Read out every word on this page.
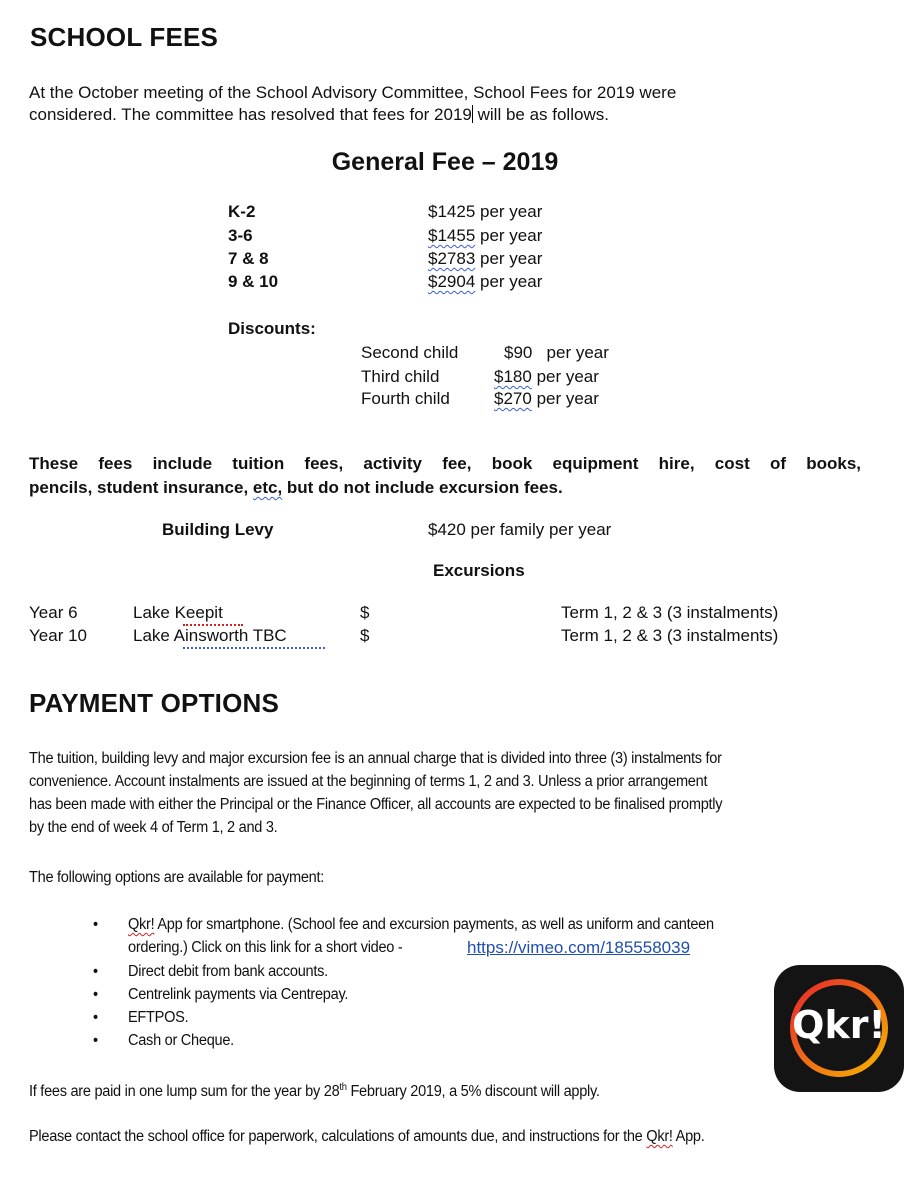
SCHOOL FEES
At the October meeting of the School Advisory Committee, School Fees for 2019 were
considered. The committee has resolved that fees for 2019 will be as follows.
General Fee – 2019
K-2	$1425 per year
3-6	$1455 per year
7 & 8	$2783 per year
9 & 10	$2904 per year
Discounts:
Second child	$90 per year
Third child	$180 per year
Fourth child	$270 per year
These fees include tuition fees, activity fee, book equipment hire, cost of books,
pencils, student insurance, etc, but do not include excursion fees.
Building Levy	$420 per family per year
Excursions
Year 6	Lake Keepit	$	Term 1, 2 & 3 (3 instalments)
Year 10	Lake Ainsworth TBC	$	Term 1, 2 & 3 (3 instalments)
PAYMENT OPTIONS
The tuition, building levy and major excursion fee is an annual charge that is divided into three (3) instalments for
convenience. Account instalments are issued at the beginning of terms 1, 2 and 3. Unless a prior arrangement
has been made with either the Principal or the Finance Officer, all accounts are expected to be finalised promptly
by the end of week 4 of Term 1, 2 and 3.
The following options are available for payment:
• Qkr! App for smartphone. (School fee and excursion payments, as well as uniform and canteen
ordering.) Click on this link for a short video -	https://vimeo.com/185558039
• Direct debit from bank accounts.
• Centrelink payments via Centrepay.
• EFTPOS.
• Cash or Cheque.
If fees are paid in one lump sum for the year by 28th February 2019, a 5% discount will apply.
Please contact the school office for paperwork, calculations of amounts due, and instructions for the Qkr! App.
Qkr!
